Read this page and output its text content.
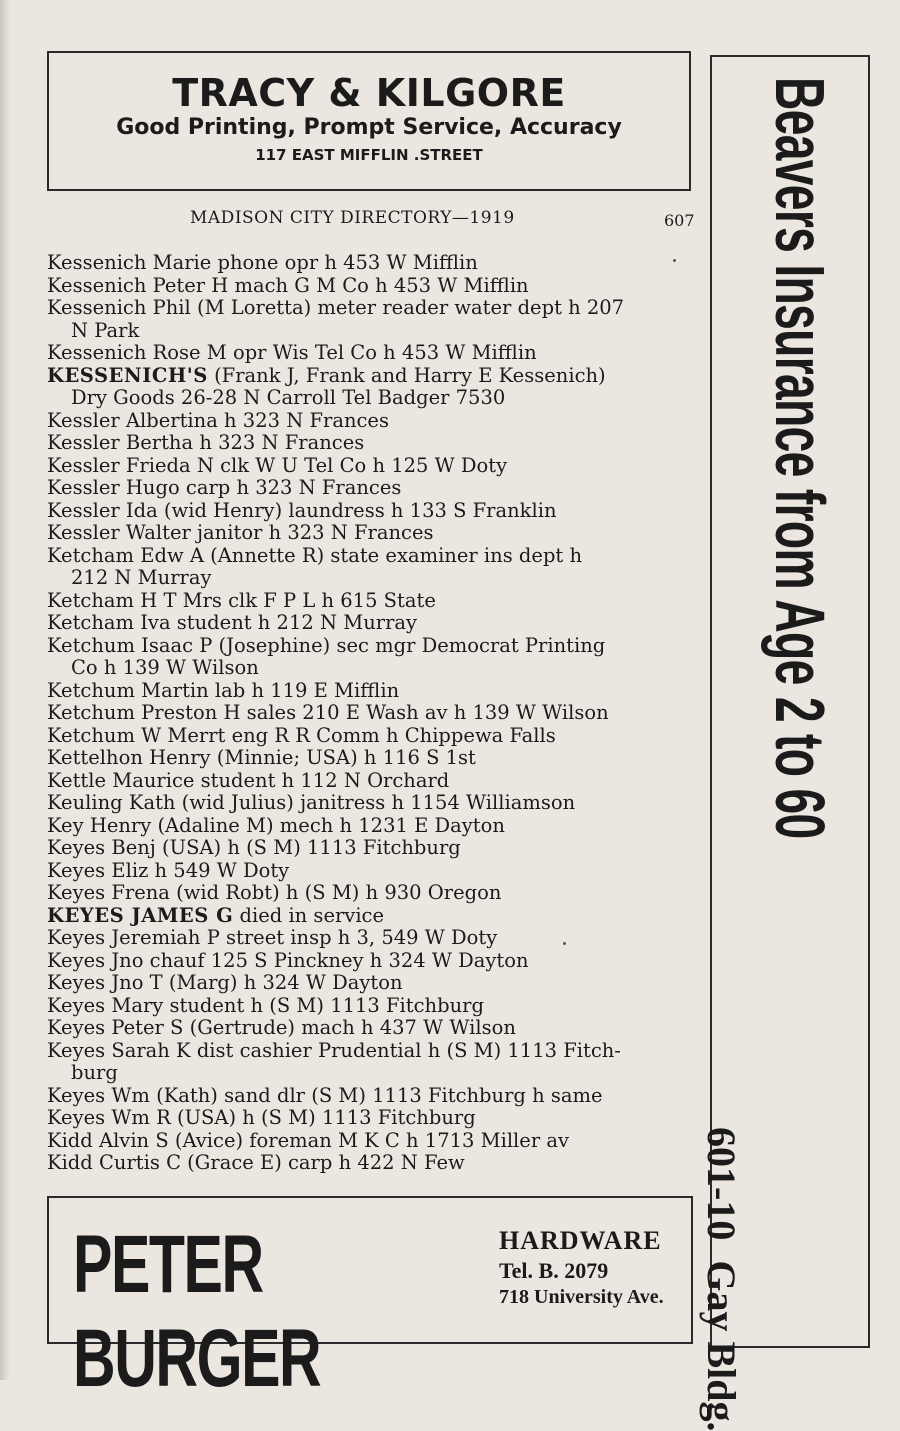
TRACY & KILGORE
Good Printing, Prompt Service, Accuracy
117 EAST MIFFLIN .STREET
MADISON CITY DIRECTORY—1919	607

Kessenich Marie phone opr h 453 W Mifflin

Kessenich Peter H mach G M Co h 453 W Mifflin

Kessenich Phil (M Loretta) meter reader water dept h 207
N Park

Kessenich Rose M opr Wis Tel Co h 453 W Mifflin

KESSENICH'S (Frank J, Frank and Harry E Kessenich)
Dry Goods 26-28 N Carroll Tel Badger 7530

Kessler Albertina h 323 N Frances

Kessler Bertha h 323 N Frances

Kessler Frieda N clk W U Tel Co h 125 W Doty

Kessler Hugo carp h 323 N Frances

Kessler Ida (wid Henry) laundress h 133 S Franklin

Kessler Walter janitor h 323 N Frances

Ketcham Edw A (Annette R) state examiner ins dept h
212 N Murray

Ketcham H T Mrs clk F P L h 615 State

Ketcham Iva student h 212 N Murray

Ketchum Isaac P (Josephine) sec mgr Democrat Printing
Co h 139 W Wilson

Ketchum Martin lab h 119 E Mifflin

Ketchum Preston H sales 210 E Wash av h 139 W Wilson

Ketchum W Merrt eng R R Comm h Chippewa Falls

Kettelhon Henry (Minnie; USA) h 116 S 1st

Kettle Maurice student h 112 N Orchard

Keuling Kath (wid Julius) janitress h 1154 Williamson

Key Henry (Adaline M) mech h 1231 E Dayton

Keyes Benj (USA) h (S M) 1113 Fitchburg

Keyes Eliz h 549 W Doty

Keyes Frena (wid Robt) h (S M) h 930 Oregon

KEYES JAMES G died in service

Keyes Jeremiah P street insp h 3, 549 W Doty

Keyes Jno chauf 125 S Pinckney h 324 W Dayton

Keyes Jno T (Marg) h 324 W Dayton

Keyes Mary student h (S M) 1113 Fitchburg

Keyes Peter S (Gertrude) mach h 437 W Wilson

Keyes Sarah K dist cashier Prudential h (S M) 1113 Fitch-
burg

Keyes Wm (Kath) sand dlr (S M) 1113 Fitchburg h same

Keyes Wm R (USA) h (S M) 1113 Fitchburg

Kidd Alvin S (Avice) foreman M K C h 1713 Miller av

Kidd Curtis C (Grace E) carp h 422 N Few

PETER BURGER
HARDWARE
Tel. B. 2079
718 University Ave.
Beavers Insurance from Age 2 to 60
601-10 Gay Bldg.
